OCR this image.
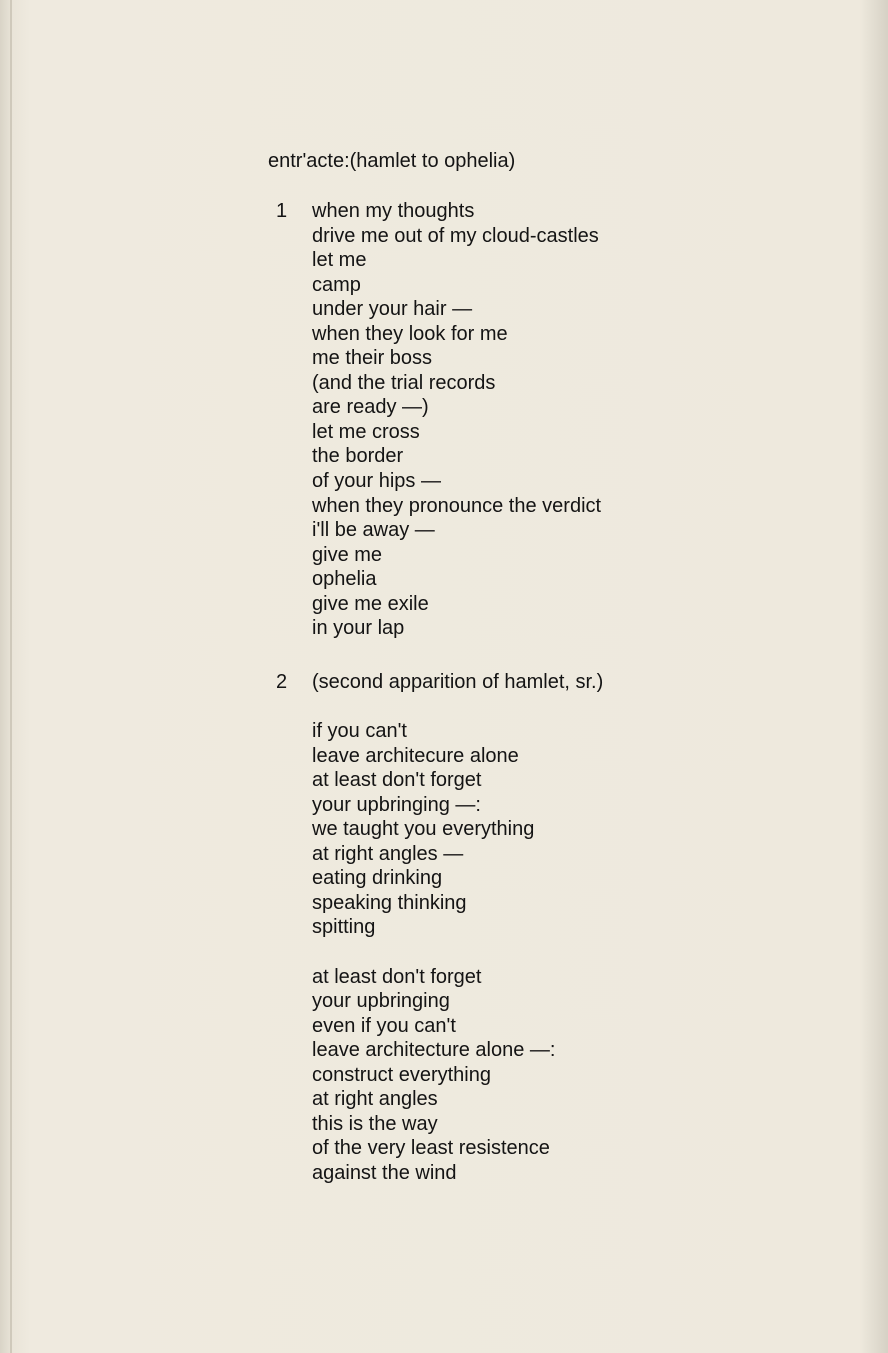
entr'acte:(hamlet to ophelia)
1 when my thoughts
drive me out of my cloud-castles
let me
camp
under your hair —
when they look for me
me their boss
(and the trial records
are ready —)
let me cross
the border
of your hips —
when they pronounce the verdict
i'll be away —
give me
ophelia
give me exile
in your lap
2 (second apparition of hamlet, sr.)
if you can't
leave architecure alone
at least don't forget
your upbringing —:
we taught you everything
at right angles —
eating drinking
speaking thinking
spitting
at least don't forget
your upbringing
even if you can't
leave architecture alone —:
construct everything
at right angles
this is the way
of the very least resistence
against the wind
